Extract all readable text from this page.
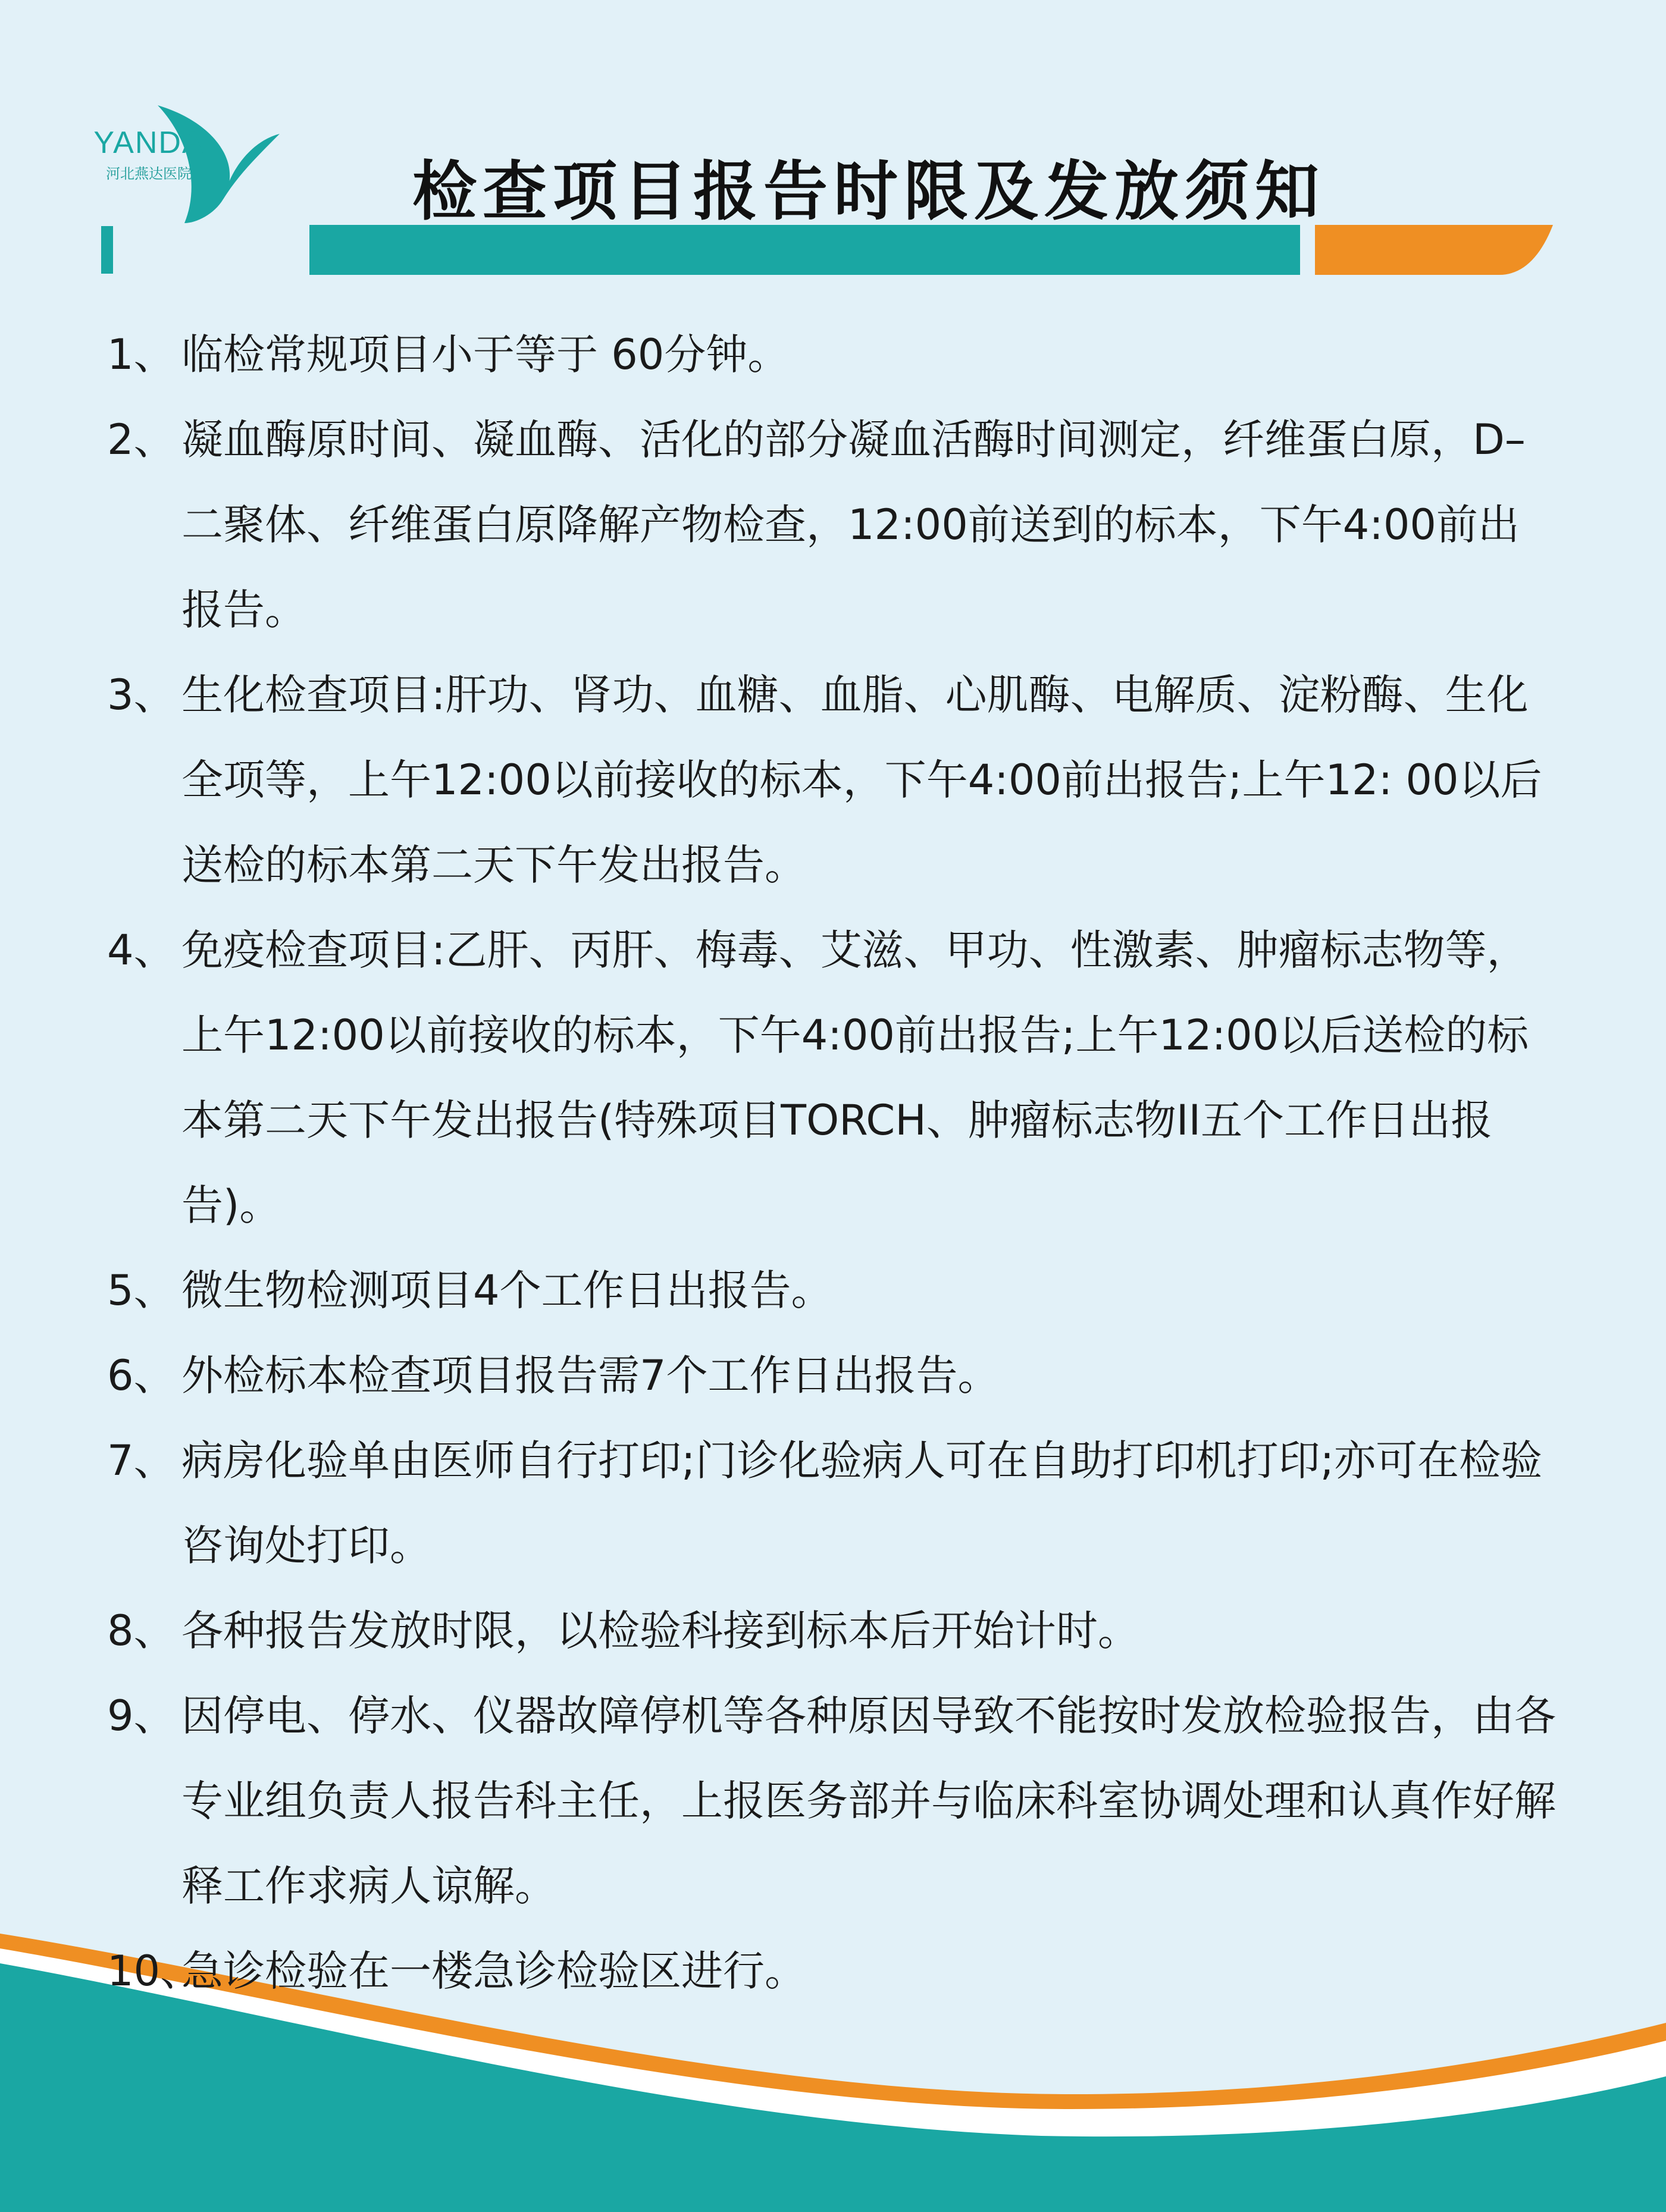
YANDA
河北燕达医院	检查项目报告时限及发放须知
1、 临检常规项目小于等于 60分钟。
2、 凝血酶原时间、凝血酶、活化的部分凝血活酶时间测定，纤维蛋白原，D–二聚体、纤维蛋白原降解产物检查，12:00前送到的标本，下午4:00前出报告。
3、 生化检查项目:肝功、肾功、血糖、血脂、心肌酶、电解质、淀粉酶、生化全项等，上午12:00以前接收的标本，下午4:00前出报告;上午12: 00以后送检的标本第二天下午发出报告。
4、 免疫检查项目:乙肝、丙肝、梅毒、艾滋、甲功、性激素、肿瘤标志物等，上午12:00以前接收的标本，下午4:00前出报告;上午12:00以后送检的标本第二天下午发出报告(特殊项目TORCH、肿瘤标志物II五个工作日出报告)。
5、 微生物检测项目4个工作日出报告。
6、 外检标本检查项目报告需7个工作日出报告。
7、 病房化验单由医师自行打印;门诊化验病人可在自助打印机打印;亦可在检验咨询处打印。
8、 各种报告发放时限，以检验科接到标本后开始计时。
9、 因停电、停水、仪器故障停机等各种原因导致不能按时发放检验报告，由各专业组负责人报告科主任，上报医务部并与临床科室协调处理和认真作好解释工作求病人谅解。
10、
急诊检验在一楼急诊检验区进行。
